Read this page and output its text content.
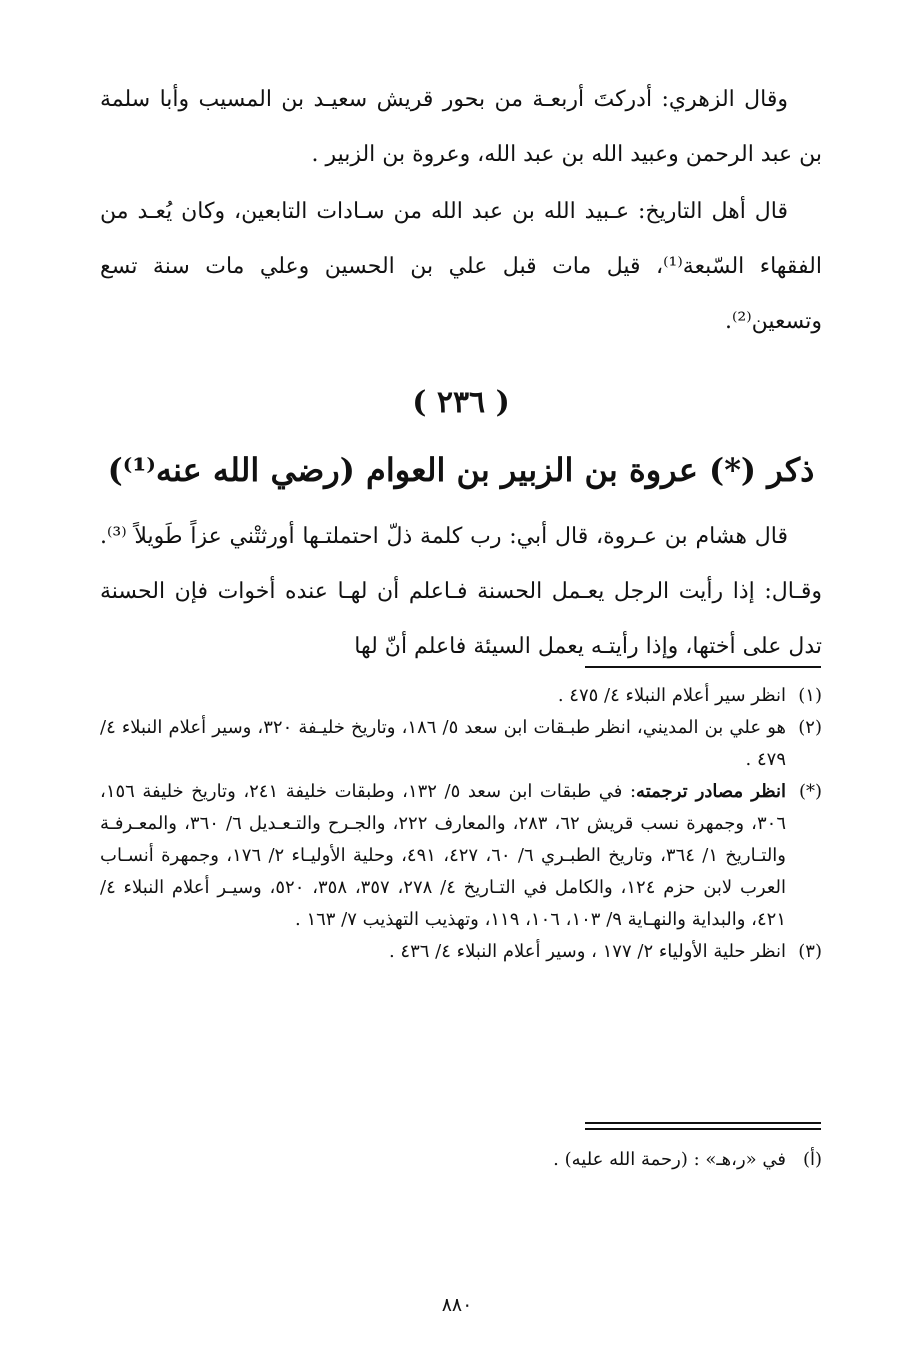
وقال الزهري: أدركتَ أربعـة من بحور قريش سعيـد بن المسيب وأبا سلمة بن عبد الرحمن وعبيد الله بن عبد الله، وعروة بن الزبير .

قال أهل التاريخ: عـبيد الله بن عبد الله من سـادات التابعين، وكان يُعـد من الفقهاء السّبعة⁽¹⁾، قيل مات قبل علي بن الحسين وعلي مات سنة تسع وتسعين⁽²⁾.

( ٢٣٦ )
ذكر (*) عروة بن الزبير بن العوام (رضي الله عنه⁽¹⁾)

قال هشام بن عـروة، قال أبي: رب كلمة ذلّ احتملتـها أورثتْني عزاً طَويلاً ⁽³⁾. وقـال: إذا رأيت الرجل يعـمل الحسنة فـاعلم أن لهـا عنده أخوات فإن الحسنة تدل على أختها، وإذا رأيتـه يعمل السيئة فاعلم أنّ لها

(١)
انظر سير أعلام النبلاء ٤/ ٤٧٥ .
(٢)
هو علي بن المديني، انظر طبـقات ابن سعد ٥/ ١٨٦، وتاريخ خليـفة ٣٢٠، وسير أعلام النبلاء ٤/ ٤٧٩ .
(*)
انظر مصادر ترجمته: في طبقات ابن سعد ٥/ ١٣٢، وطبقات خليفة ٢٤١، وتاريخ خليفة ١٥٦، ٣٠٦، وجمهرة نسب قريش ٦٢، ٢٨٣، والمعارف ٢٢٢، والجـرح والتـعـديل ٦/ ٣٦٠، والمعـرفـة والتـاريخ ١/ ٣٦٤، وتاريخ الطبـري ٦/ ٦٠، ٤٢٧، ٤٩١، وحلية الأوليـاء ٢/ ١٧٦، وجمهرة أنسـاب العرب لابن حزم ١٢٤، والكامل في التـاريخ ٤/ ٢٧٨، ٣٥٧، ٣٥٨، ٥٢٠، وسيـر أعلام النبلاء ٤/ ٤٢١، والبداية والنهـاية ٩/ ١٠٣، ١٠٦، ١١٩، وتهذيب التهذيب ٧/ ١٦٣ .
(٣)
انظر حلية الأولياء ٢/ ١٧٧ ، وسير أعلام النبلاء ٤/ ٤٣٦ .
(أ)
في «ر،هـ» : (رحمة الله عليه) .
٨٨٠
